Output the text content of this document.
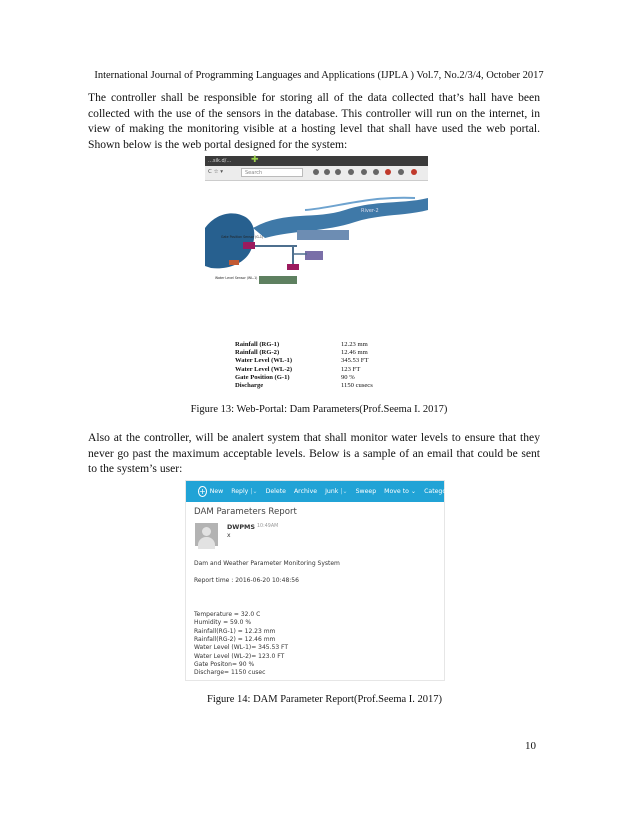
International Journal of Programming Languages and Applications (IJPLA ) Vol.7, No.2/3/4, October 2017

The controller shall be responsible for storing all of the data collected that’s hall have been collected with the use of the sensors in the database. This controller will run on the internet, in view of making the monitoring visible at a hosting level that shall have used the web portal. Shown below is the web portal designed for the system:

…sik.d/… ✚
C ☆ ▾	Search
River-2
Gate Position Sensor (G-1)
Water Level Sensor (WL-1)
Rainfall (RG-1)	12.23 mm
Rainfall (RG-2)	12.46 mm
Water Level (WL-1)	345.53 FT
Water Level (WL-2)	123 FT
Gate Position (G-1)	90 %
Discharge	1150 cusecs
Figure 13: Web-Portal: Dam Parameters(Prof.Seema I. 2017)

Also at the controller, will be analert system that shall monitor water levels to ensure that they never go past the maximum acceptable levels. Below is a sample of an email that could be sent to the system’s user:

+ New Reply |⌄ Delete Archive Junk |⌄ Sweep Move to ⌄ Categories ⌄
DAM Parameters Report
DWPMS 10:49AM
x
Dam and Weather Parameter Monitoring System
Report time : 2016-06-20 10:48:56
Temperature = 32.0 C
Humidity = 59.0 %
Rainfall(RG-1) = 12.23 mm
Rainfall(RG-2) = 12.46 mm
Water Level (WL-1)= 345.53 FT
Water Level (WL-2)= 123.0 FT
Gate Positon= 90 %
Discharge= 1150 cusec
Figure 14: DAM Parameter Report(Prof.Seema I. 2017)
10
